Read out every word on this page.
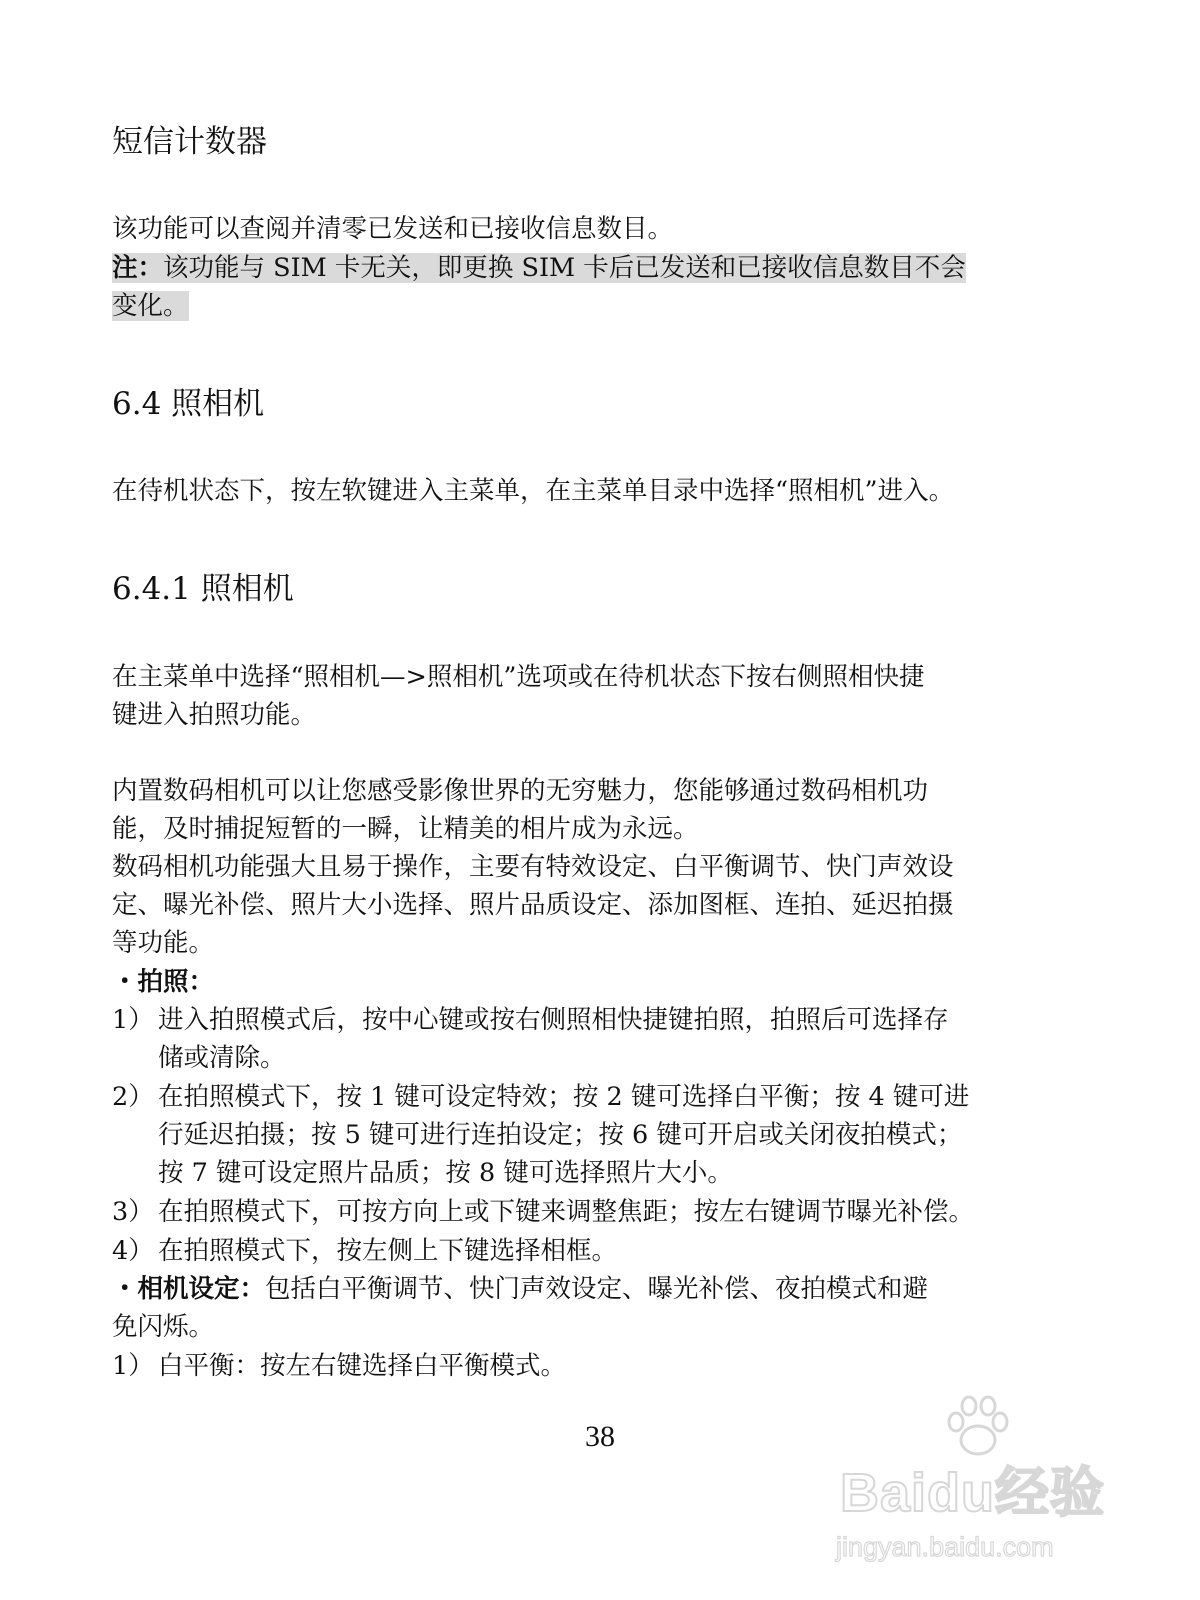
短信计数器
该功能可以查阅并清零已发送和已接收信息数目。
注：该功能与 SIM 卡无关，即更换 SIM 卡后已发送和已接收信息数目不会
变化。
6.4 照相机
在待机状态下，按左软键进入主菜单，在主菜单目录中选择“照相机”进入。
6.4.1 照相机
在主菜单中选择“照相机—>照相机”选项或在待机状态下按右侧照相快捷
键进入拍照功能。
内置数码相机可以让您感受影像世界的无穷魅力，您能够通过数码相机功
能，及时捕捉短暂的一瞬，让精美的相片成为永远。
数码相机功能强大且易于操作，主要有特效设定、白平衡调节、快门声效设
定、曝光补偿、照片大小选择、照片品质设定、添加图框、连拍、延迟拍摄
等功能。
・拍照：
1） 进入拍照模式后，按中心键或按右侧照相快捷键拍照，拍照后可选择存
储或清除。
2） 在拍照模式下，按 1 键可设定特效；按 2 键可选择白平衡；按 4 键可进
行延迟拍摄；按 5 键可进行连拍设定；按 6 键可开启或关闭夜拍模式；
按 7 键可设定照片品质；按 8 键可选择照片大小。
3） 在拍照模式下，可按方向上或下键来调整焦距；按左右键调节曝光补偿。
4） 在拍照模式下，按左侧上下键选择相框。
・相机设定：包括白平衡调节、快门声效设定、曝光补偿、夜拍模式和避
免闪烁。
1） 白平衡：按左右键选择白平衡模式。
38
Baidu经验
jingyan.baidu.com
